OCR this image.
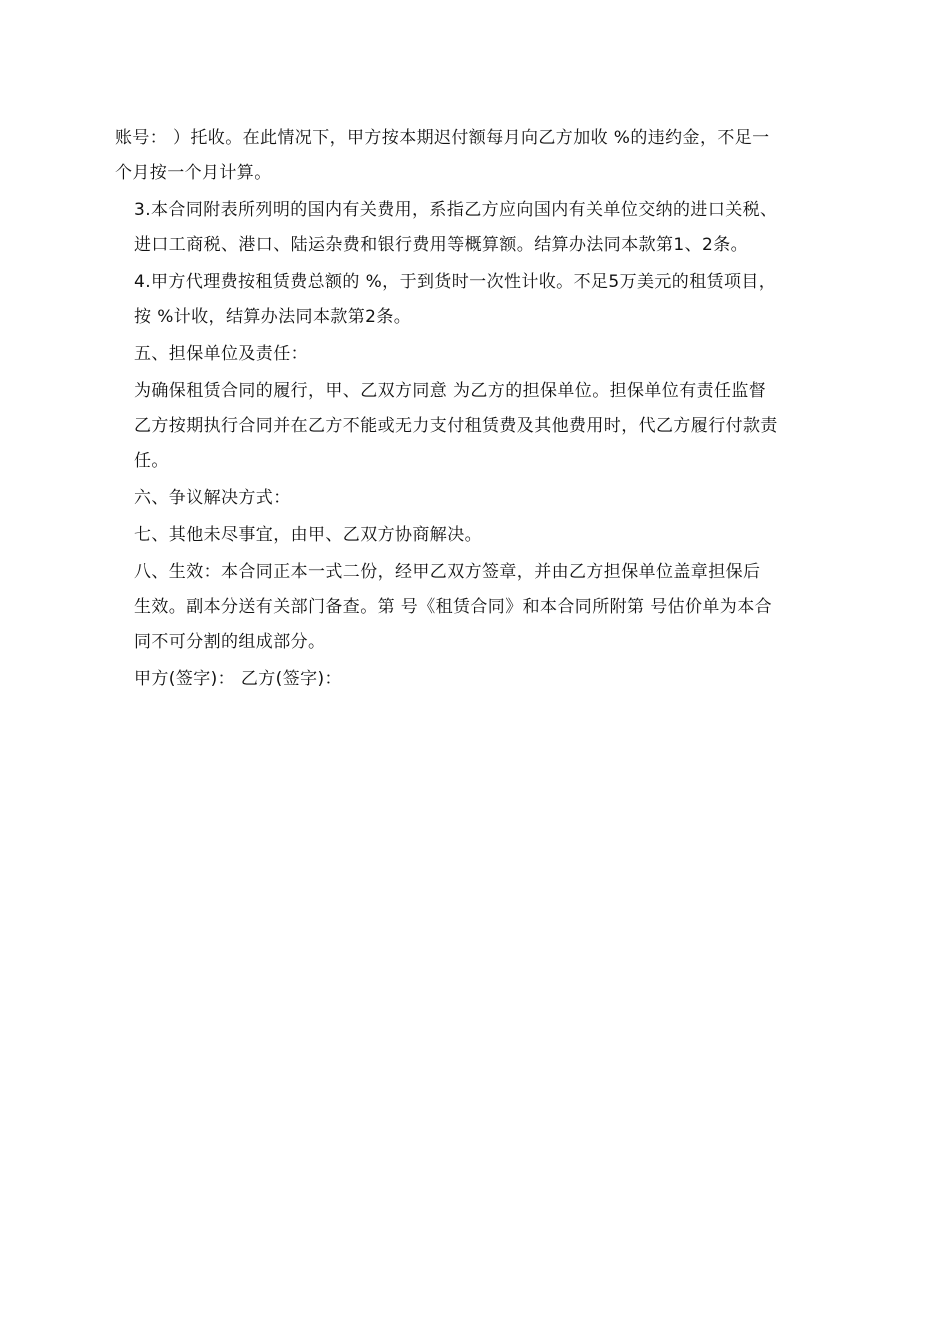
账号： ）托收。在此情况下，甲方按本期迟付额每月向乙方加收 %的违约金，不足一
个月按一个月计算。

3.本合同附表所列明的国内有关费用，系指乙方应向国内有关单位交纳的进口关税、
进口工商税、港口、陆运杂费和银行费用等概算额。结算办法同本款第1、2条。

4.甲方代理费按租赁费总额的 %，于到货时一次性计收。不足5万美元的租赁项目，
按 %计收，结算办法同本款第2条。

五、担保单位及责任：

为确保租赁合同的履行，甲、乙双方同意 为乙方的担保单位。担保单位有责任监督
乙方按期执行合同并在乙方不能或无力支付租赁费及其他费用时，代乙方履行付款责
任。

六、争议解决方式：

七、其他未尽事宜，由甲、乙双方协商解决。

八、生效：本合同正本一式二份，经甲乙双方签章，并由乙方担保单位盖章担保后
生效。副本分送有关部门备查。第 号《租赁合同》和本合同所附第 号估价单为本合
同不可分割的组成部分。

甲方(签字)： 乙方(签字)：
